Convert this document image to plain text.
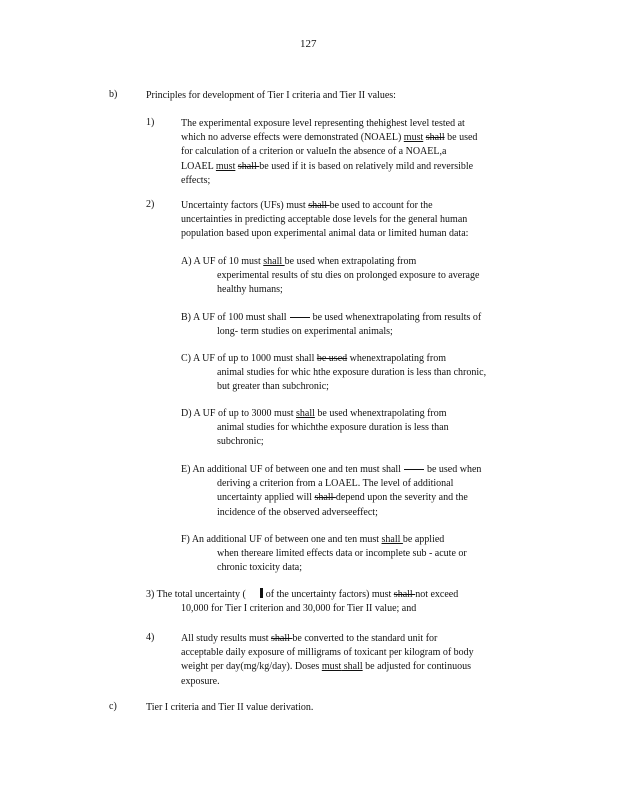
127
b)	Principles for development of Tier I criteria and Tier II values:
1)	The experimental exposure level representing thehighest level tested at
which no adverse effects were demonstrated (NOAEL) must shall be used
for calculation of a criterion or valueIn the absence of a NOAEL,a
LOAEL must shall be used if it is based on relatively mild and reversible
effects;
2)	Uncertainty factors (UFs) must shall be used to account for the
uncertainties in predicting acceptable dose levels for the general human
population based upon experimental animal data or limited human data:
A) A UF of 10 must shall be used when extrapolating from
experimental results of stu dies on prolonged exposure to average
healthy humans;
B) A UF of 100 must shall	be used whenextrapolating from results of
long- term studies on experimental animals;
C) A UF of up to 1000 must shall be used whenextrapolating from
animal studies for whic hthe exposure duration is less than chronic,
but greater than subchronic;
D) A UF of up to 3000 must shall be used whenextrapolating from
animal studies for whichthe exposure duration is less than
subchronic;
E) An additional UF of between one and ten must shall	be used when
deriving a criterion from a LOAEL. The level of additional
uncertainty applied will shall depend upon the severity and the
incidence of the observed adverseeffect;
F) An additional UF of between one and ten must shall be applied
when thereare limited effects data or incomplete sub - acute or
chronic toxicity data;
3) The total uncertainty ( of the uncertainty factors) must shall not exceed
10,000 for Tier I criterion and 30,000 for Tier II value; and
4)	All study results must shall be converted to the standard unit for
acceptable daily exposure of milligrams of toxicant per kilogram of body
weight per day(mg/kg/day). Doses must shall be adjusted for continuous
exposure.
c)	Tier I criteria and Tier II value derivation.
